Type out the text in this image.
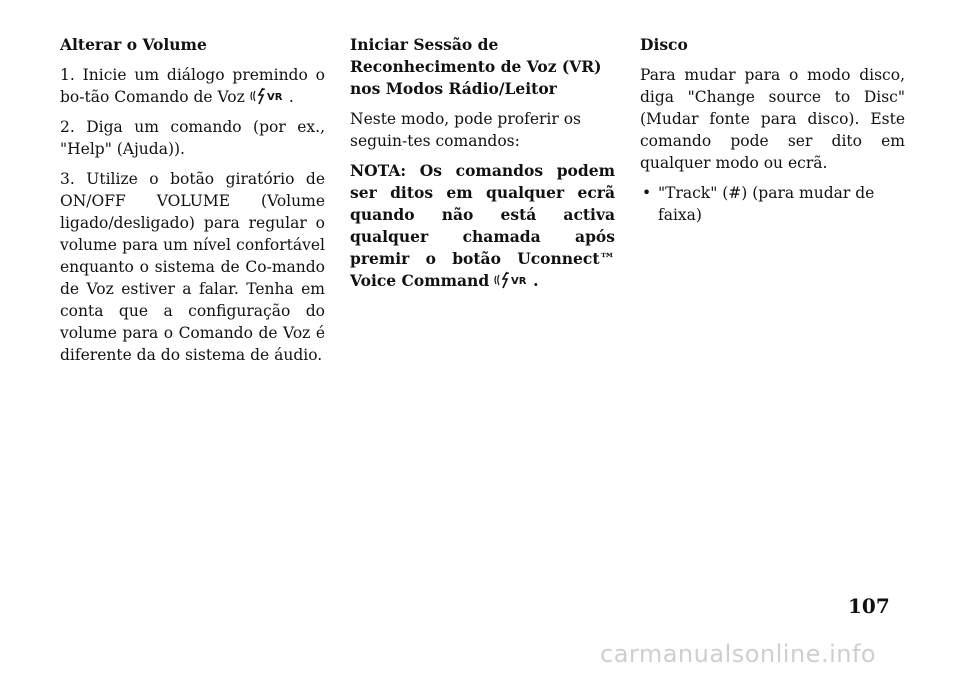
Alterar o Volume
1. Inicie um diálogo premindo o bo-tão Comando de Voz VR .
2. Diga um comando (por ex., "Help" (Ajuda)).
3. Utilize o botão giratório de ON/OFF VOLUME (Volume ligado/desligado) para regular o volume para um nível confortável enquanto o sistema de Co-mando de Voz estiver a falar. Tenha em conta que a configuração do volume para o Comando de Voz é diferente da do sistema de áudio.
Iniciar Sessão de Reconhecimento de Voz (VR) nos Modos Rádio/Leitor
Neste modo, pode proferir os seguin-tes comandos:
NOTA: Os comandos podem ser ditos em qualquer ecrã quando não está activa qualquer chamada após premir o botão Uconnect™ Voice Command VR .
Disco
Para mudar para o modo disco, diga "Change source to Disc" (Mudar fonte para disco). Este comando pode ser dito em qualquer modo ou ecrã.
• "Track" (#) (para mudar de faixa)
107
carmanualsonline.info
